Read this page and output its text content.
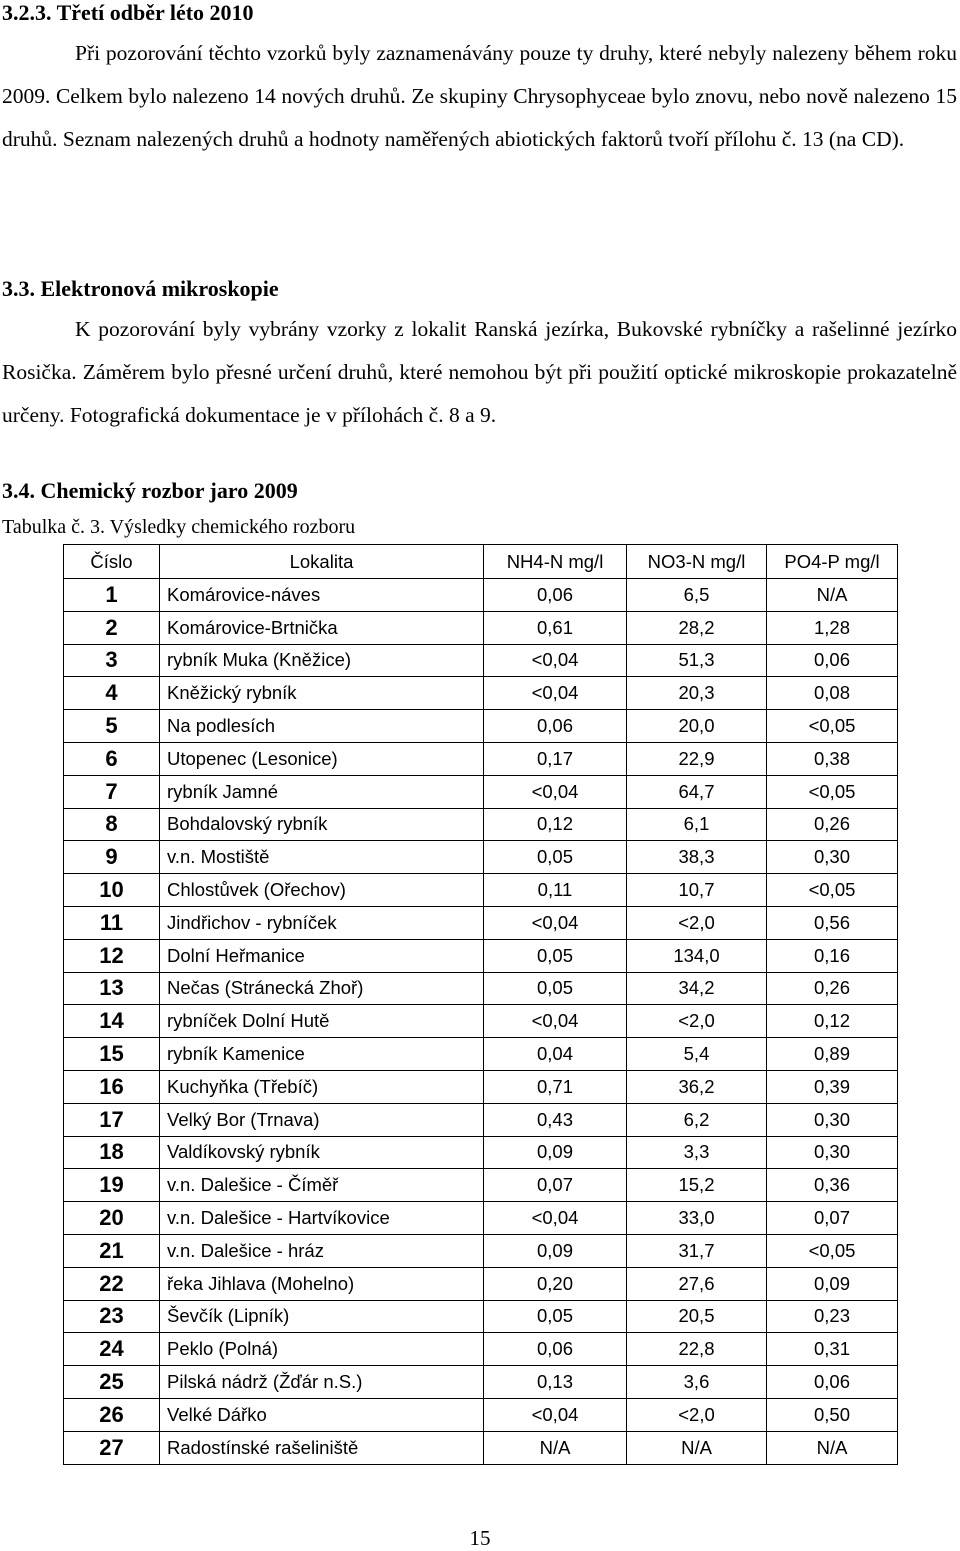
3.2.3. Třetí odběr léto 2010
Při pozorování těchto vzorků byly zaznamenávány pouze ty druhy, které nebyly nalezeny během roku 2009. Celkem bylo nalezeno 14 nových druhů. Ze skupiny Chrysophyceae bylo znovu, nebo nově nalezeno 15 druhů. Seznam nalezených druhů a hodnoty naměřených abiotických faktorů tvoří přílohu č. 13 (na CD).
3.3. Elektronová mikroskopie
K pozorování byly vybrány vzorky z lokalit Ranská jezírka, Bukovské rybníčky a rašelinné jezírko Rosička. Záměrem bylo přesné určení druhů, které nemohou být při použití optické mikroskopie prokazatelně určeny. Fotografická dokumentace je v přílohách č. 8 a 9.
3.4. Chemický rozbor jaro 2009
Tabulka č. 3. Výsledky chemického rozboru
Číslo	Lokalita	NH4-N mg/l	NO3-N mg/l	PO4-P mg/l
1	Komárovice-náves	0,06	6,5	N/A
2	Komárovice-Brtnička	0,61	28,2	1,28
3	rybník Muka (Kněžice)	<0,04	51,3	0,06
4	Kněžický rybník	<0,04	20,3	0,08
5	Na podlesích	0,06	20,0	<0,05
6	Utopenec (Lesonice)	0,17	22,9	0,38
7	rybník Jamné	<0,04	64,7	<0,05
8	Bohdalovský rybník	0,12	6,1	0,26
9	v.n. Mostiště	0,05	38,3	0,30
10	Chlostůvek (Ořechov)	0,11	10,7	<0,05
11	Jindřichov - rybníček	<0,04	<2,0	0,56
12	Dolní Heřmanice	0,05	134,0	0,16
13	Nečas (Stránecká Zhoř)	0,05	34,2	0,26
14	rybníček Dolní Hutě	<0,04	<2,0	0,12
15	rybník Kamenice	0,04	5,4	0,89
16	Kuchyňka (Třebíč)	0,71	36,2	0,39
17	Velký Bor (Trnava)	0,43	6,2	0,30
18	Valdíkovský rybník	0,09	3,3	0,30
19	v.n. Dalešice - Číměř	0,07	15,2	0,36
20	v.n. Dalešice - Hartvíkovice	<0,04	33,0	0,07
21	v.n. Dalešice - hráz	0,09	31,7	<0,05
22	řeka Jihlava (Mohelno)	0,20	27,6	0,09
23	Ševčík (Lipník)	0,05	20,5	0,23
24	Peklo (Polná)	0,06	22,8	0,31
25	Pilská nádrž (Žďár n.S.)	0,13	3,6	0,06
26	Velké Dářko	<0,04	<2,0	0,50
27	Radostínské rašeliniště	N/A	N/A	N/A
15
